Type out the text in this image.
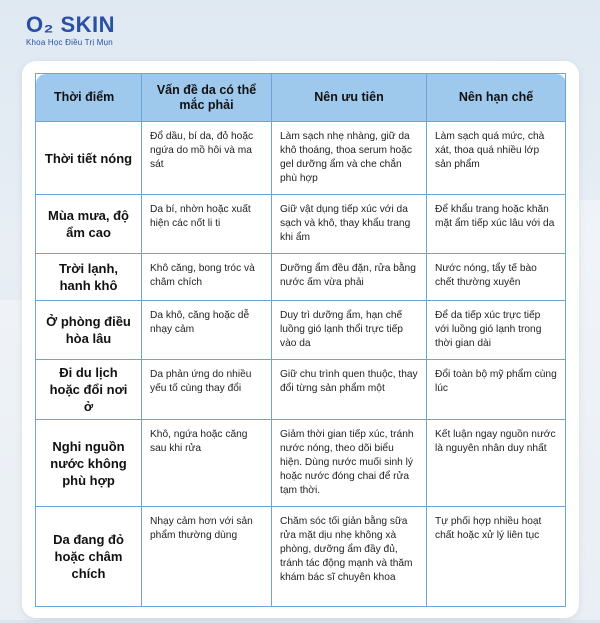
O₂ SKIN
Khoa Học Điều Trị Mụn
Thời điểm	Vấn đề da có thể mắc phải	Nên ưu tiên	Nên hạn chế
Thời tiết nóng	Đổ dầu, bí da, đỏ hoặc ngứa do mồ hôi và ma sát	Làm sạch nhẹ nhàng, giữ da khô thoáng, thoa serum hoặc gel dưỡng ẩm và che chắn phù hợp	Làm sạch quá mức, chà xát, thoa quá nhiều lớp sản phẩm
Mùa mưa, độ ẩm cao	Da bí, nhờn hoặc xuất hiện các nốt li ti	Giữ vật dụng tiếp xúc với da sạch và khô, thay khẩu trang khi ẩm	Để khẩu trang hoặc khăn mặt ẩm tiếp xúc lâu với da
Trời lạnh, hanh khô	Khô căng, bong tróc và châm chích	Dưỡng ẩm đều đặn, rửa bằng nước ấm vừa phải	Nước nóng, tẩy tế bào chết thường xuyên
Ở phòng điều hòa lâu	Da khô, căng hoặc dễ nhạy cảm	Duy trì dưỡng ẩm, hạn chế luồng gió lạnh thổi trực tiếp vào da	Để da tiếp xúc trực tiếp với luồng gió lạnh trong thời gian dài
Đi du lịch hoặc đổi nơi ở	Da phản ứng do nhiều yếu tố cùng thay đổi	Giữ chu trình quen thuộc, thay đổi từng sản phẩm một	Đổi toàn bộ mỹ phẩm cùng lúc
Nghi nguồn nước không phù hợp	Khô, ngứa hoặc căng sau khi rửa	Giảm thời gian tiếp xúc, tránh nước nóng, theo dõi biểu hiện. Dùng nước muối sinh lý hoặc nước đóng chai để rửa tạm thời.	Kết luận ngay nguồn nước là nguyên nhân duy nhất
Da đang đỏ hoặc châm chích	Nhạy cảm hơn với sản phẩm thường dùng	Chăm sóc tối giản bằng sữa rửa mặt dịu nhẹ không xà phòng, dưỡng ẩm đầy đủ, tránh tác động mạnh và thăm khám bác sĩ chuyên khoa	Tự phối hợp nhiều hoạt chất hoặc xử lý liên tục
